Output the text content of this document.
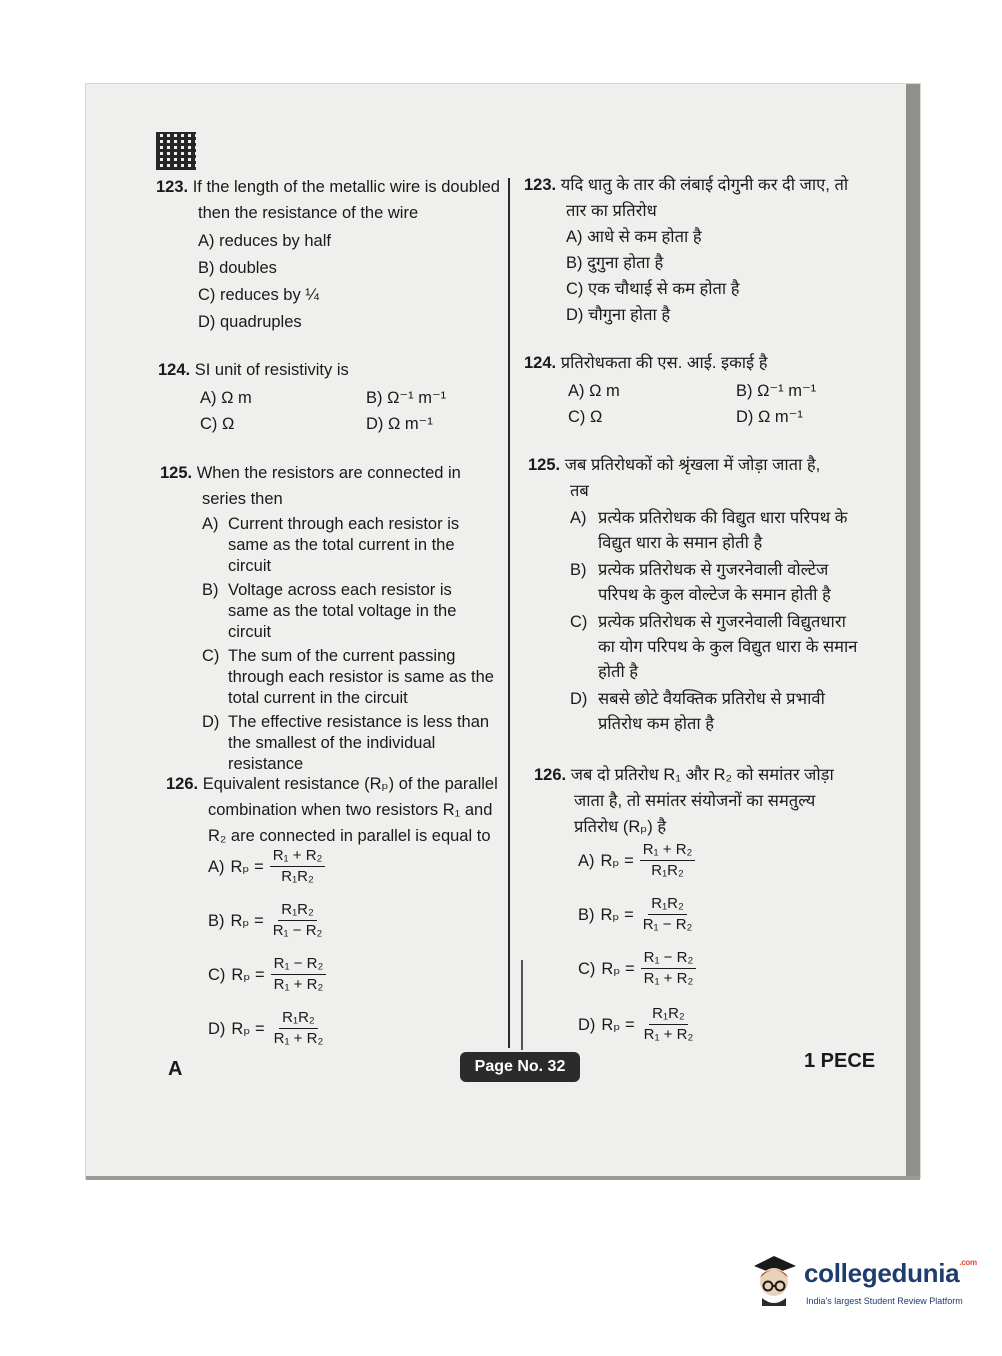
123. If the length of the metallic wire is doubled
then the resistance of the wire
A) reduces by half
B) doubles
C) reduces by ¼
D) quadruples
124. SI unit of resistivity is
A) Ω m	B) Ω⁻¹ m⁻¹
C) Ω	D) Ω m⁻¹
125. When the resistors are connected in
series then
A) Current through each resistor is same as the total current in the circuit
B) Voltage across each resistor is same as the total voltage in the circuit
C) The sum of the current passing through each resistor is same as the total current in the circuit
D) The effective resistance is less than the smallest of the individual resistance
126. Equivalent resistance (Rₚ) of the parallel
combination when two resistors R₁ and
R₂ are connected in parallel is equal to
A) $R_p = \frac{\text{R₁ + R₂}}{\text{R₁R₂}}$
B) $R_p = \frac{\text{R₁R₂}}{\text{R₁ − R₂}}$
C) $R_p = \frac{\text{R₁ − R₂}}{\text{R₁ + R₂}}$
D) $R_p = \frac{\text{R₁R₂}}{\text{R₁ + R₂}}$
123. यदि धातु के तार की लंबाई दोगुनी कर दी जाए, तो
तार का प्रतिरोध
A) आधे से कम होता है
B) दुगुना होता है
C) एक चौथाई से कम होता है
D) चौगुना होता है
124. प्रतिरोधकता की एस. आई. इकाई है
A) Ω m	B) Ω⁻¹ m⁻¹
C) Ω	D) Ω m⁻¹
125. जब प्रतिरोधकों को श्रृंखला में जोड़ा जाता है,
तब
A) प्रत्येक प्रतिरोधक की विद्युत धारा परिपथ के विद्युत धारा के समान होती है
B) प्रत्येक प्रतिरोधक से गुजरनेवाली वोल्टेज परिपथ के कुल वोल्टेज के समान होती है
C) प्रत्येक प्रतिरोधक से गुजरनेवाली विद्युतधारा का योग परिपथ के कुल विद्युत धारा के समान होती है
D) सबसे छोटे वैयक्तिक प्रतिरोध से प्रभावी प्रतिरोध कम होता है
126. जब दो प्रतिरोध R₁ और R₂ को समांतर जोड़ा
जाता है, तो समांतर संयोजनों का समतुल्य
प्रतिरोध (Rₚ) है
A) $R_p = \frac{\text{R₁ + R₂}}{\text{R₁R₂}}$
B) $R_p = \frac{\text{R₁R₂}}{\text{R₁ − R₂}}$
C) $R_p = \frac{\text{R₁ − R₂}}{\text{R₁ + R₂}}$
D) $R_p = \frac{\text{R₁R₂}}{\text{R₁ + R₂}}$
A	Page No. 32	1 PECE
collegedunia$^{.com}$
India's largest Student Review Platform
